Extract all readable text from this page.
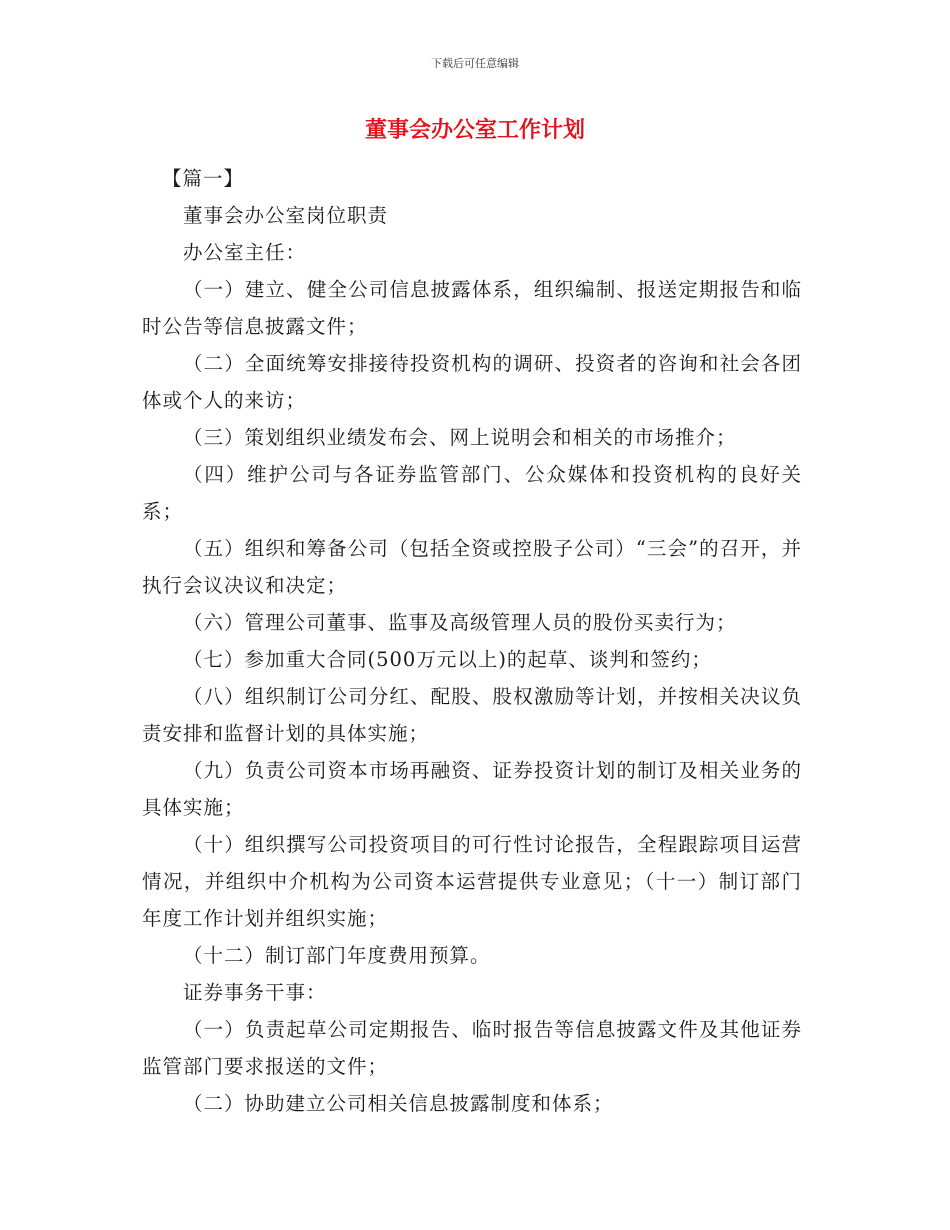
下载后可任意编辑
董事会办公室工作计划

【篇一】

董事会办公室岗位职责

办公室主任：

（一）建立、健全公司信息披露体系，组织编制、报送定期报告和临时公告等信息披露文件；

（二）全面统筹安排接待投资机构的调研、投资者的咨询和社会各团体或个人的来访；

（三）策划组织业绩发布会、网上说明会和相关的市场推介；

（四）维护公司与各证券监管部门、公众媒体和投资机构的良好关系；

（五）组织和筹备公司（包括全资或控股子公司）“三会”的召开，并执行会议决议和决定；

（六）管理公司董事、监事及高级管理人员的股份买卖行为；

（七）参加重大合同(500万元以上)的起草、谈判和签约；

（八）组织制订公司分红、配股、股权激励等计划，并按相关决议负责安排和监督计划的具体实施；

（九）负责公司资本市场再融资、证券投资计划的制订及相关业务的具体实施；

（十）组织撰写公司投资项目的可行性讨论报告，全程跟踪项目运营情况，并组织中介机构为公司资本运营提供专业意见；（十一）制订部门年度工作计划并组织实施；

（十二）制订部门年度费用预算。

证券事务干事：

（一）负责起草公司定期报告、临时报告等信息披露文件及其他证券监管部门要求报送的文件；

（二）协助建立公司相关信息披露制度和体系；
